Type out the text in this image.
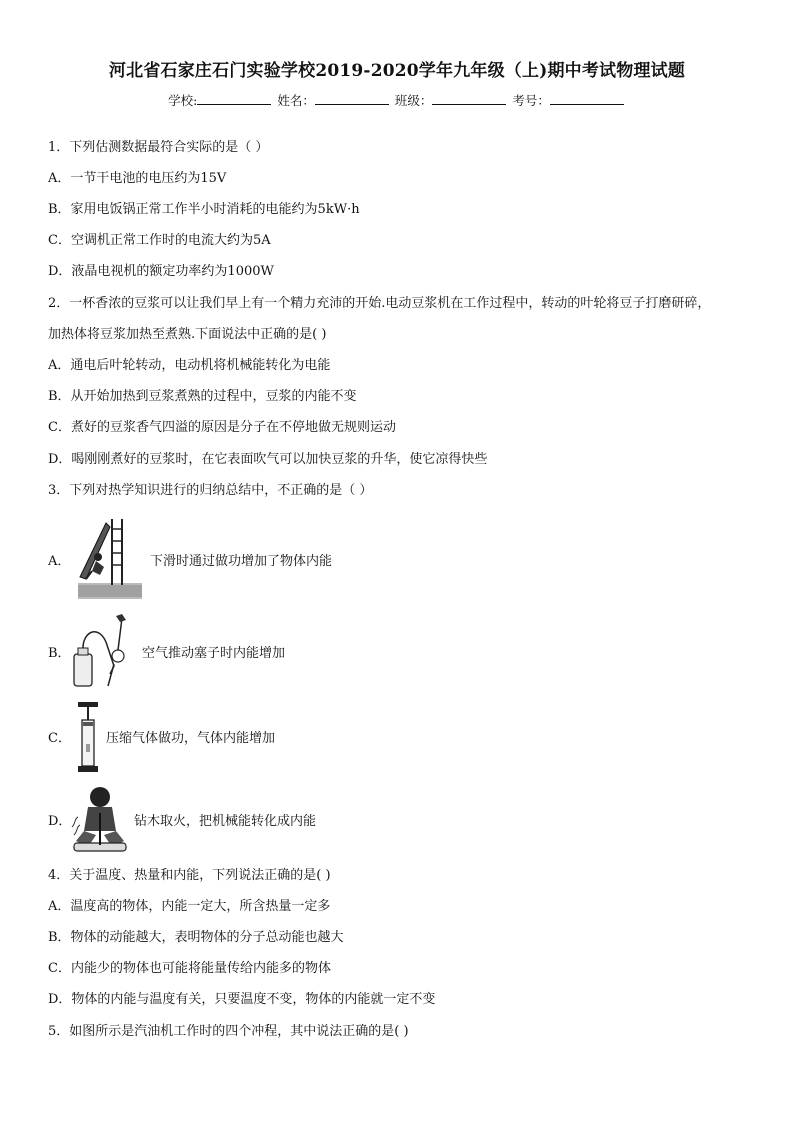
河北省石家庄石门实验学校2019-2020学年九年级（上)期中考试物理试题
学校:	姓名：	班级：	考号：
1．下列估测数据最符合实际的是（ ）
A．一节干电池的电压约为15V
B．家用电饭锅正常工作半小时消耗的电能约为5kW·h
C．空调机正常工作时的电流大约为5A
D．液晶电视机的额定功率约为1000W
2．一杯香浓的豆浆可以让我们早上有一个精力充沛的开始.电动豆浆机在工作过程中，转动的叶轮将豆子打磨研碎，
加热体将豆浆加热至煮熟.下面说法中正确的是( )
A．通电后叶轮转动，电动机将机械能转化为电能
B．从开始加热到豆浆煮熟的过程中，豆浆的内能不变
C．煮好的豆浆香气四溢的原因是分子在不停地做无规则运动
D．喝刚刚煮好的豆浆时，在它表面吹气可以加快豆浆的升华，使它凉得快些
3．下列对热学知识进行的归纳总结中，不正确的是（ ）
A．	下滑时通过做功增加了物体内能
B．	空气推动塞子时内能增加
C．	压缩气体做功，气体内能增加
D．	钻木取火，把机械能转化成内能
4．关于温度、热量和内能，下列说法正确的是( )
A．温度高的物体，内能一定大，所含热量一定多
B．物体的动能越大，表明物体的分子总动能也越大
C．内能少的物体也可能将能量传给内能多的物体
D．物体的内能与温度有关，只要温度不变，物体的内能就一定不变
5．如图所示是汽油机工作时的四个冲程，其中说法正确的是( )
